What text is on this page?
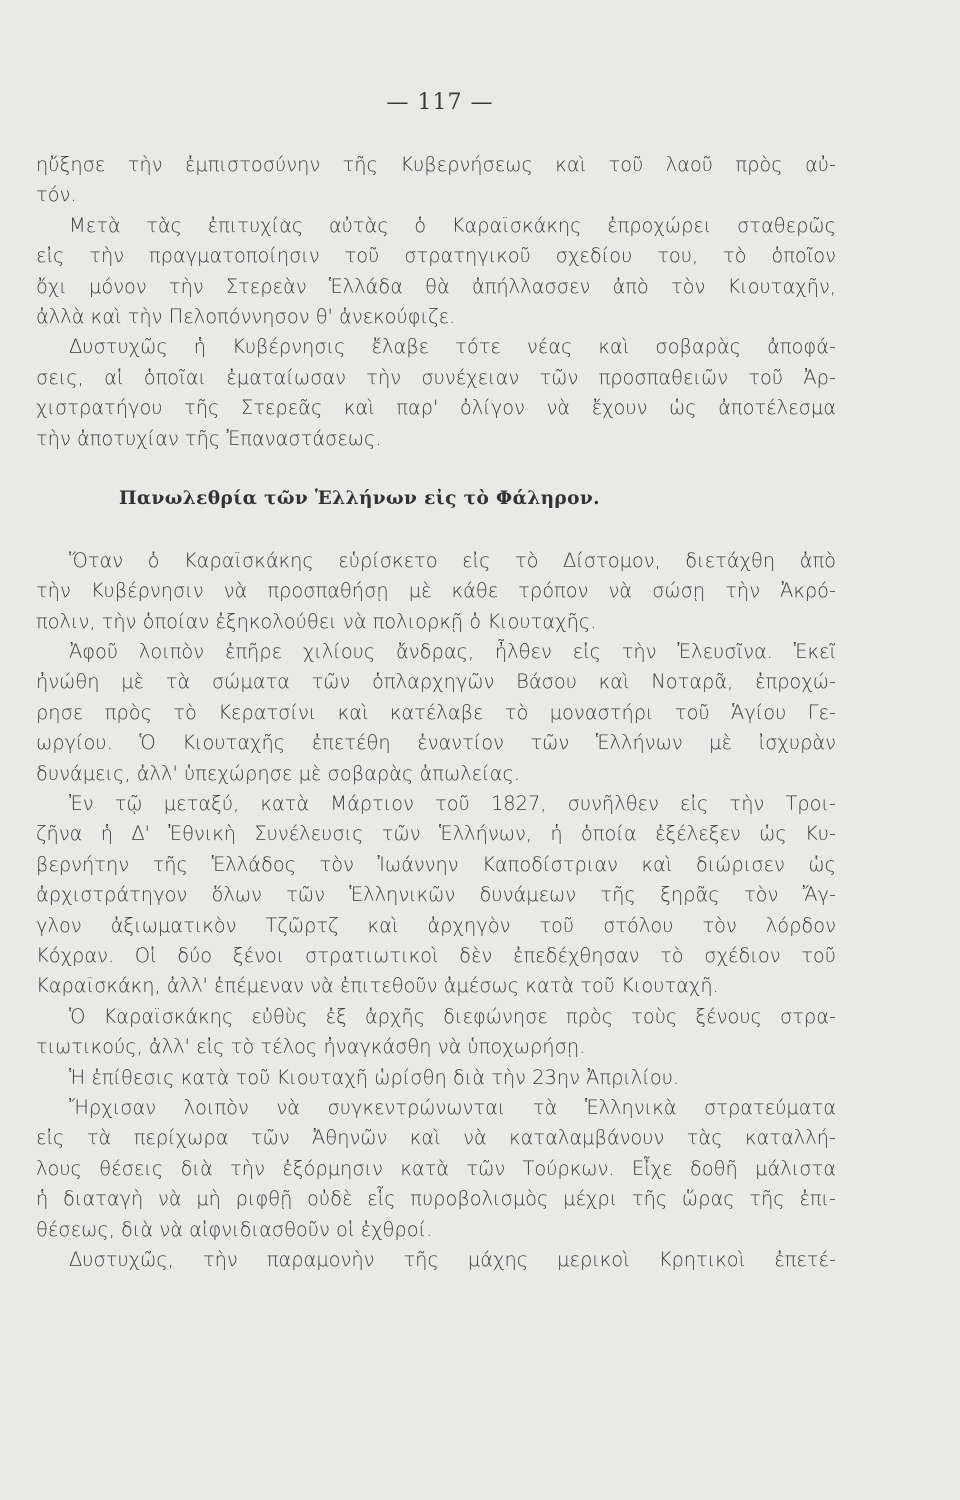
— 117 —
ηὔξησε τὴν ἐμπιστοσύνην τῆς Κυβερνήσεως καὶ τοῦ λαοῦ πρὸς αὐ-
τόν.
Μετὰ τὰς ἐπιτυχίας αὐτὰς ὁ Καραϊσκάκης ἐπροχώρει σταθερῶς
εἰς τὴν πραγματοποίησιν τοῦ στρατηγικοῦ σχεδίου του, τὸ ὁποῖον
ὄχι μόνον τὴν Στερεὰν Ἑλλάδα θὰ ἀπήλλασσεν ἀπὸ τὸν Κιουταχῆν,
ἀλλὰ καὶ τὴν Πελοπόννησον θ' ἀνεκούφιζε.
Δυστυχῶς ἡ Κυβέρνησις ἔλαβε τότε νέας καὶ σοβαρὰς ἀποφά-
σεις, αἱ ὁποῖαι ἐματαίωσαν τὴν συνέχειαν τῶν προσπαθειῶν τοῦ Ἀρ-
χιστρατήγου τῆς Στερεᾶς καὶ παρ' ὀλίγον νὰ ἔχουν ὡς ἀποτέλεσμα
τὴν ἀποτυχίαν τῆς Ἐπαναστάσεως.
Πανωλεθρία τῶν Ἑλλήνων εἰς τὸ Φάληρον.
Ὅταν ὁ Καραϊσκάκης εὑρίσκετο εἰς τὸ Δίστομον, διετάχθη ἀπὸ
τὴν Κυβέρνησιν νὰ προσπαθήσῃ μὲ κάθε τρόπον νὰ σώσῃ τὴν Ἀκρό-
πολιν, τὴν ὁποίαν ἐξηκολούθει νὰ πολιορκῇ ὁ Κιουταχῆς.
Ἀφοῦ λοιπὸν ἐπῆρε χιλίους ἄνδρας, ἦλθεν εἰς τὴν Ἐλευσῖνα. Ἐκεῖ
ἠνώθη μὲ τὰ σώματα τῶν ὁπλαρχηγῶν Βάσου καὶ Νοταρᾶ, ἐπροχώ-
ρησε πρὸς τὸ Κερατσίνι καὶ κατέλαβε τὸ μοναστήρι τοῦ Ἁγίου Γε-
ωργίου. Ὁ Κιουταχῆς ἐπετέθη ἐναντίον τῶν Ἑλλήνων μὲ ἰσχυρὰν
δυνάμεις, ἀλλ' ὑπεχώρησε μὲ σοβαρὰς ἀπωλείας.
Ἐν τῷ μεταξύ, κατὰ Μάρτιον τοῦ 1827, συνῆλθεν εἰς τὴν Τροι-
ζῆνα ἡ Δ' Ἐθνικὴ Συνέλευσις τῶν Ἑλλήνων, ἡ ὁποία ἐξέλεξεν ὡς Κυ-
βερνήτην τῆς Ἑλλάδος τὸν Ἰωάννην Καποδίστριαν καὶ διώρισεν ὡς
ἀρχιστράτηγον ὅλων τῶν Ἑλληνικῶν δυνάμεων τῆς ξηρᾶς τὸν Ἄγ-
γλον ἀξιωματικὸν Τζῶρτζ καὶ ἀρχηγὸν τοῦ στόλου τὸν λόρδον
Κόχραν. Οἱ δύο ξένοι στρατιωτικοὶ δὲν ἐπεδέχθησαν τὸ σχέδιον τοῦ
Καραϊσκάκη, ἀλλ' ἐπέμεναν νὰ ἐπιτεθοῦν ἀμέσως κατὰ τοῦ Κιουταχῆ.
Ὁ Καραϊσκάκης εὐθὺς ἐξ ἀρχῆς διεφώνησε πρὸς τοὺς ξένους στρα-
τιωτικούς, ἀλλ' εἰς τὸ τέλος ἠναγκάσθη νὰ ὑποχωρήσῃ.
Ἡ ἐπίθεσις κατὰ τοῦ Κιουταχῆ ὡρίσθη διὰ τὴν 23ην Ἀπριλίου.
Ἤρχισαν λοιπὸν νὰ συγκεντρώνωνται τὰ Ἑλληνικὰ στρατεύματα
εἰς τὰ περίχωρα τῶν Ἀθηνῶν καὶ νὰ καταλαμβάνουν τὰς καταλλή-
λους θέσεις διὰ τὴν ἐξόρμησιν κατὰ τῶν Τούρκων. Εἶχε δοθῆ μάλιστα
ἡ διαταγὴ νὰ μὴ ριφθῇ οὐδὲ εἷς πυροβολισμὸς μέχρι τῆς ὥρας τῆς ἐπι-
θέσεως, διὰ νὰ αἰφνιδιασθοῦν οἱ ἐχθροί.
Δυστυχῶς, τὴν παραμονὴν τῆς μάχης μερικοὶ Κρητικοὶ ἐπετέ-
